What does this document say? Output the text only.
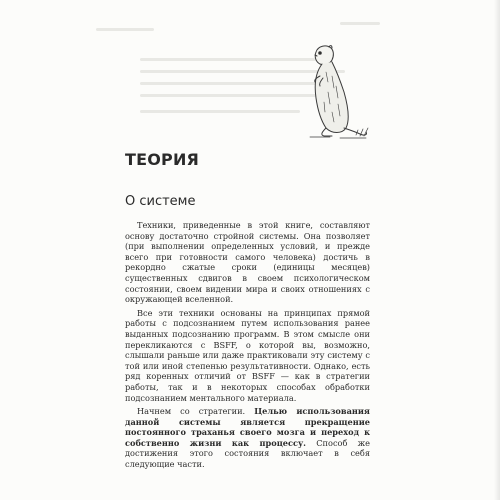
ТЕОРИЯ
О системе

Техники, приведенные в этой книге, составляют основу достаточно стройной системы. Она позволяет (при выполнении определенных условий, и прежде всего при готовности самого человека) достичь в рекордно сжатые сроки (единицы месяцев) существенных сдвигов в своем психологическом состоянии, своем видении мира и своих отношениях с окружающей вселенной.

Все эти техники основаны на принципах прямой работы с подсознанием путем использования ранее выданных подсознанию программ. В этом смысле они перекликаются с BSFF, о которой вы, возможно, слышали раньше или даже практиковали эту систему с той или иной степенью результативности. Однако, есть ряд коренных отличий от BSFF — как в стратегии работы, так и в некоторых способах обработки подсознанием ментального материала.

Начнем со стратегии. Целью использования данной системы является прекращение постоянного траханья своего мозга и переход к собственно жизни как процессу. Способ же достижения этого состояния включает в себя следующие части.
